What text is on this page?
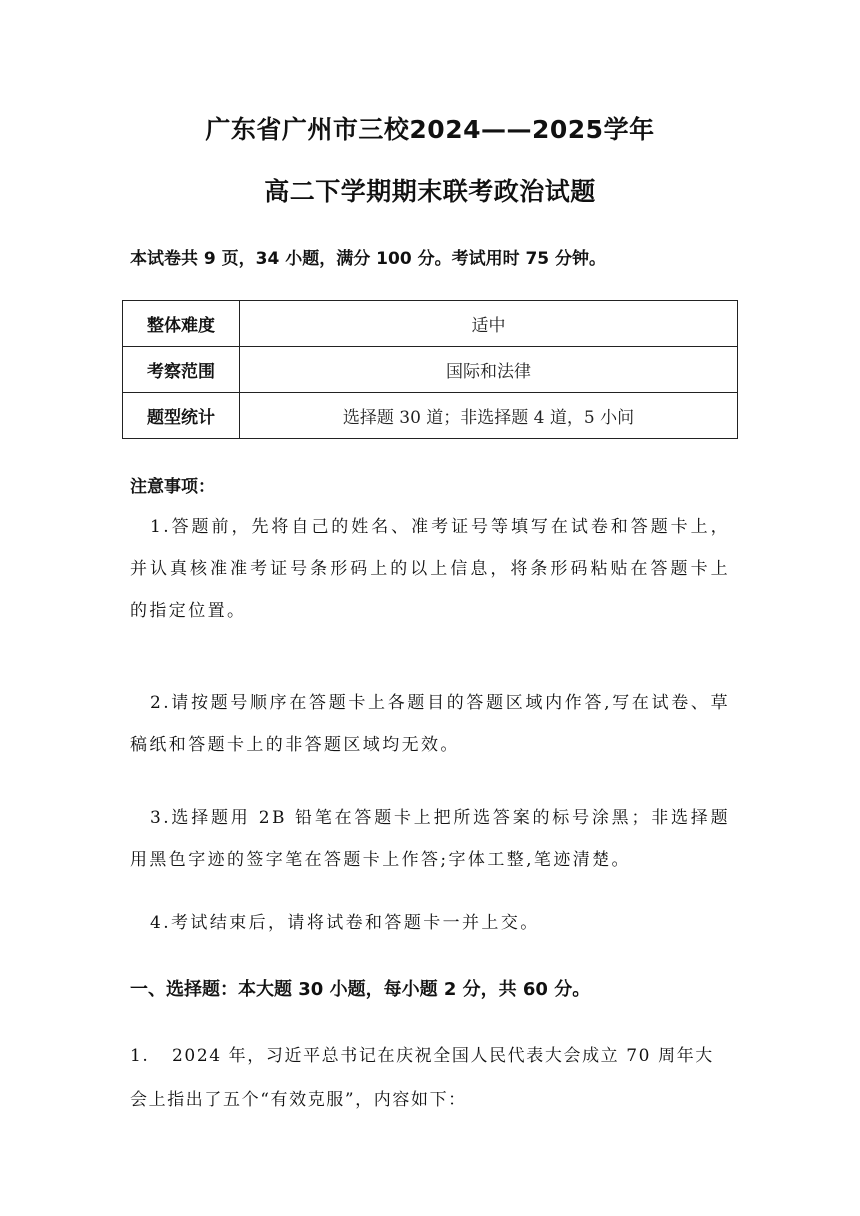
广东省广州市三校2024——2025学年
高二下学期期末联考政治试题
本试卷共 9 页，34 小题，满分 100 分。考试用时 75 分钟。
整体难度	适中
考察范围	国际和法律
题型统计	选择题 30 道；非选择题 4 道，5 小问
注意事项：
1.答题前，先将自己的姓名、准考证号等填写在试卷和答题卡上，并认真核准准考证号条形码上的以上信息，将条形码粘贴在答题卡上的指定位置。
2.请按题号顺序在答题卡上各题目的答题区域内作答,写在试卷、草稿纸和答题卡上的非答题区域均无效。
3.选择题用 2B 铅笔在答题卡上把所选答案的标号涂黑；非选择题用黑色字迹的签字笔在答题卡上作答;字体工整,笔迹清楚。
4.考试结束后，请将试卷和答题卡一并上交。
一、选择题：本大题 30 小题，每小题 2 分，共 60 分。
1. 2024 年，习近平总书记在庆祝全国人民代表大会成立 70 周年大会上指出了五个“有效克服”，内容如下：
